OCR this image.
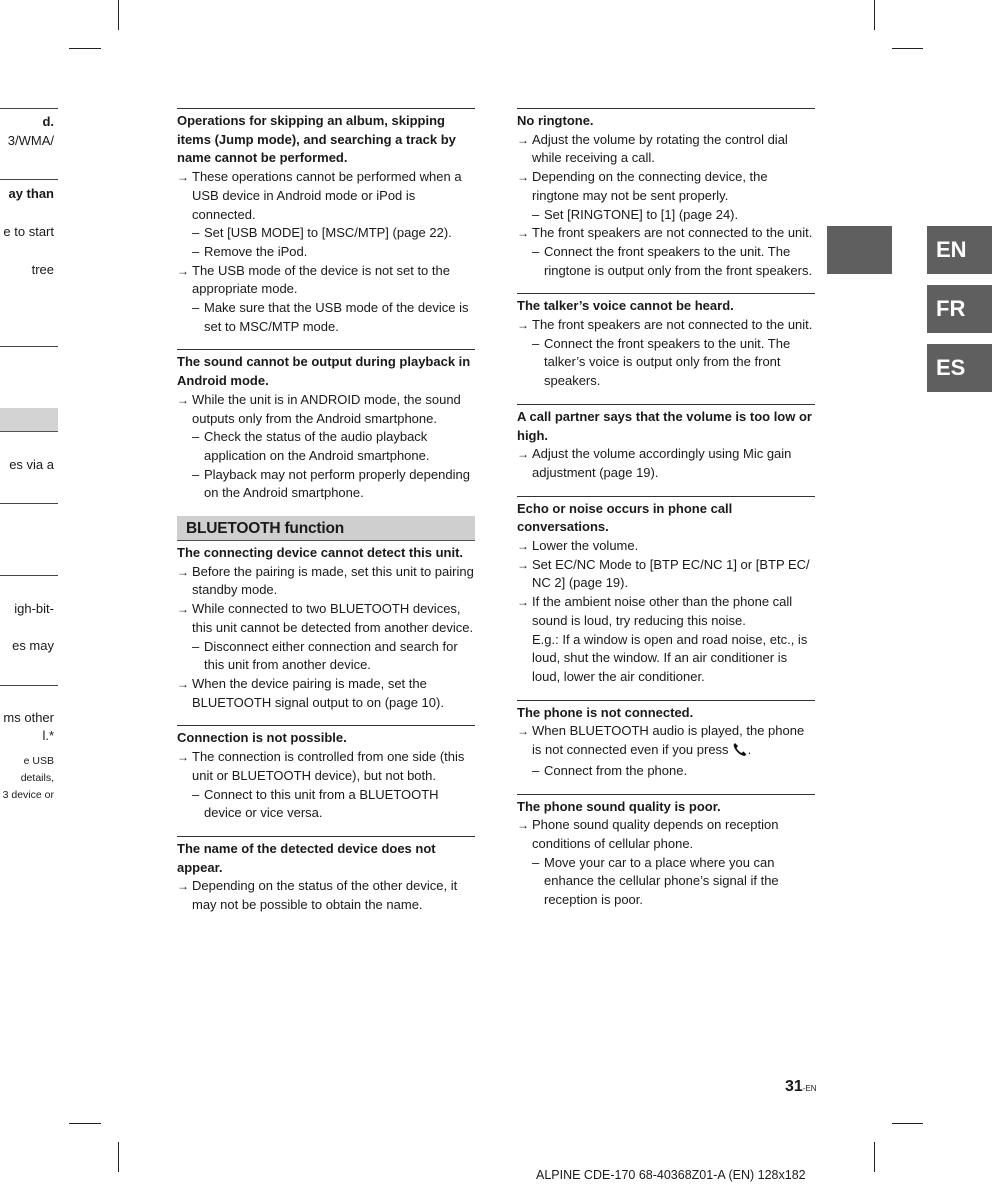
d.
3/WMA/
ay than
e to start
tree
es via a
igh-bit-
es may
ms other
l.*
e USB
details,
3 device or
Operations for skipping an album, skipping items (Jump mode), and searching a track by name cannot be performed.
→ These operations cannot be performed when a USB device in Android mode or iPod is connected.
– Set [USB MODE] to [MSC/MTP] (page 22).
– Remove the iPod.
→ The USB mode of the device is not set to the appropriate mode.
– Make sure that the USB mode of the device is set to MSC/MTP mode.
The sound cannot be output during playback in Android mode.
→ While the unit is in ANDROID mode, the sound outputs only from the Android smartphone.
– Check the status of the audio playback application on the Android smartphone.
– Playback may not perform properly depending on the Android smartphone.
BLUETOOTH function
The connecting device cannot detect this unit.
→ Before the pairing is made, set this unit to pairing standby mode.
→ While connected to two BLUETOOTH devices, this unit cannot be detected from another device.
– Disconnect either connection and search for this unit from another device.
→ When the device pairing is made, set the BLUETOOTH signal output to on (page 10).
Connection is not possible.
→ The connection is controlled from one side (this unit or BLUETOOTH device), but not both.
– Connect to this unit from a BLUETOOTH device or vice versa.
The name of the detected device does not appear.
→ Depending on the status of the other device, it may not be possible to obtain the name.
No ringtone.
→ Adjust the volume by rotating the control dial while receiving a call.
→ Depending on the connecting device, the ringtone may not be sent properly.
– Set [RINGTONE] to [1] (page 24).
→ The front speakers are not connected to the unit.
– Connect the front speakers to the unit. The ringtone is output only from the front speakers.
The talker’s voice cannot be heard.
→ The front speakers are not connected to the unit.
– Connect the front speakers to the unit. The talker’s voice is output only from the front speakers.
A call partner says that the volume is too low or high.
→ Adjust the volume accordingly using Mic gain adjustment (page 19).
Echo or noise occurs in phone call conversations.
→ Lower the volume.
→ Set EC/NC Mode to [BTP EC/NC 1] or [BTP EC/ NC 2] (page 19).
→ If the ambient noise other than the phone call sound is loud, try reducing this noise.
E.g.: If a window is open and road noise, etc., is loud, shut the window. If an air conditioner is loud, lower the air conditioner.
The phone is not connected.
→ When BLUETOOTH audio is played, the phone is not connected even if you press .
– Connect from the phone.
The phone sound quality is poor.
→ Phone sound quality depends on reception conditions of cellular phone.
– Move your car to a place where you can enhance the cellular phone’s signal if the reception is poor.
EN
FR
ES
31-EN
ALPINE CDE-170 68-40368Z01-A (EN) 128x182
